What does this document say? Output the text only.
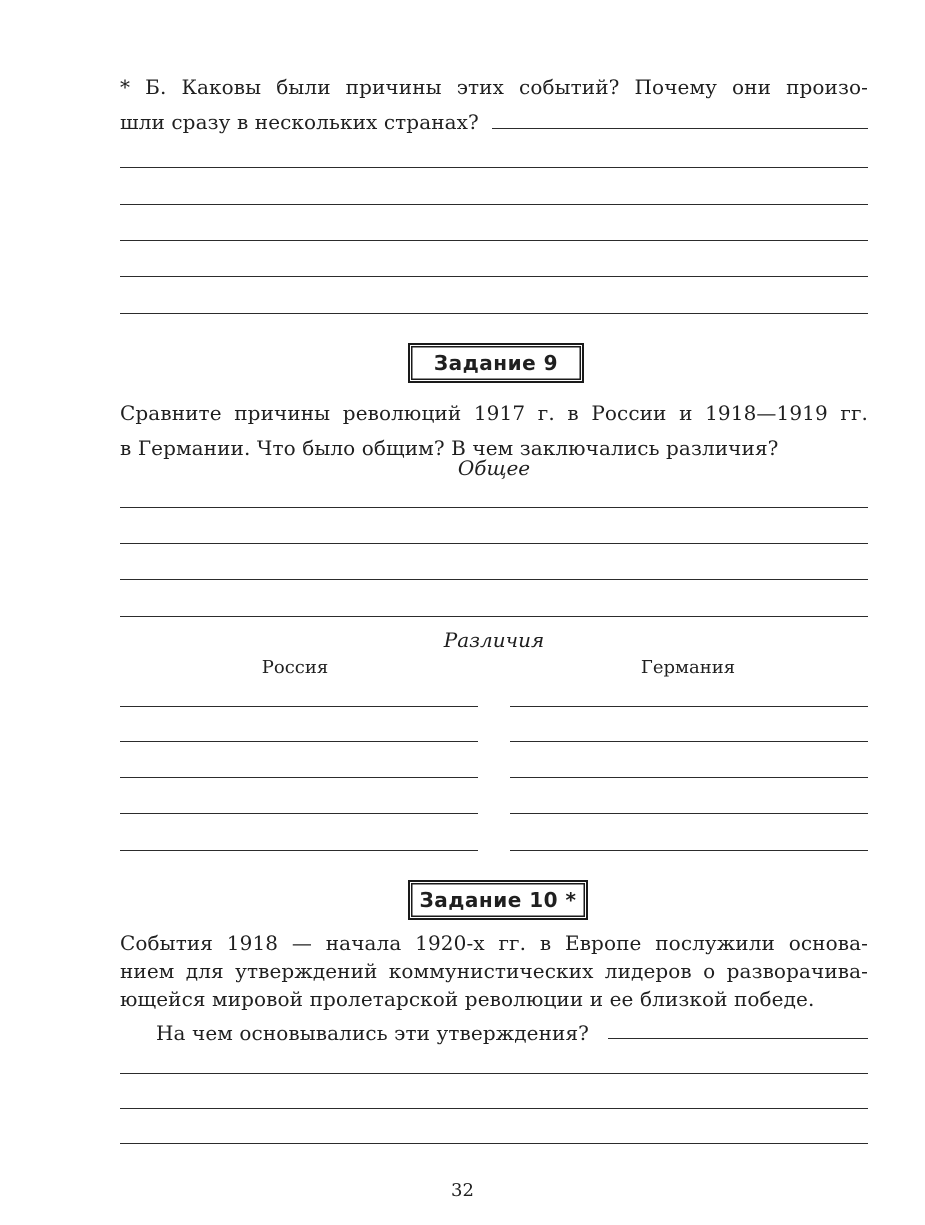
* Б. Каковы были причины этих событий? Почему они произо-
шли сразу в нескольких странах?
Задание 9
Сравните причины революций 1917 г. в России и 1918—1919 гг.
в Германии. Что было общим? В чем заключались различия?
Общее
Различия
Россия	Германия
Задание 10 *
События 1918 — начала 1920-х гг. в Европе послужили основа-
нием для утверждений коммунистических лидеров о разворачива-
ющейся мировой пролетарской революции и ее близкой победе.
На чем основывались эти утверждения?
32
